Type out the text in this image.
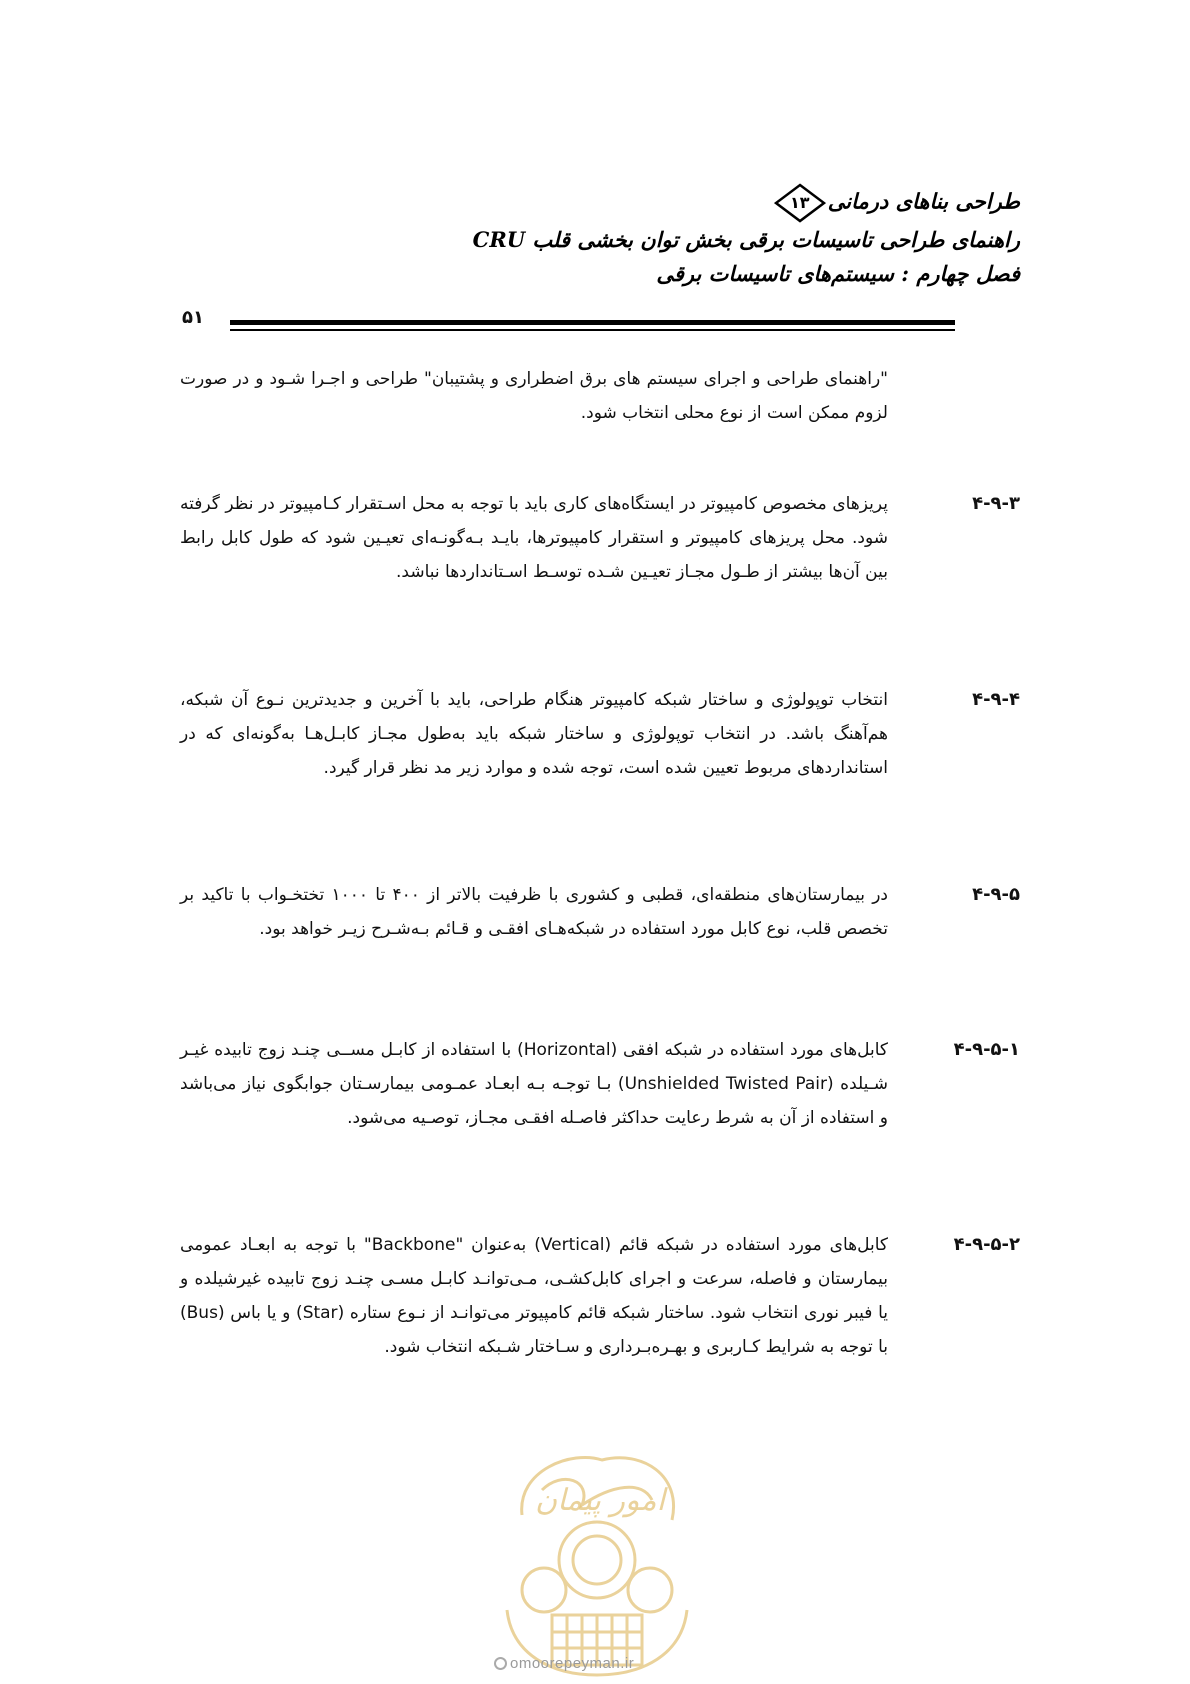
طراحی بناهای درمانی
۱۳
راهنمای طراحی تاسیسات برقی بخش توان بخشی قلب CRU
فصل چهارم : سیستم‌های تاسیسات برقی
۵۱
"راهنمای طراحی و اجرای سیستم های برق اضطراری و پشتیبان" طراحی و اجـرا شـود و در صورت لزوم ممکن است از نوع محلی انتخاب شود.
۴-۹-۳
پریزهای مخصوص کامپیوتر در ایستگاه‌های کاری باید با توجه به محل اسـتقرار کـامپیوتر در نظر گرفته شود. محل پریزهای کامپیوتر و استقرار کامپیوترها، بایـد بـه‌گونـه‌ای تعیـین شود که طول کابل رابط بین آن‌ها بیشتر از طـول مجـاز تعیـین شـده توسـط اسـتانداردها نباشد.
۴-۹-۴
انتخاب توپولوژی و ساختار شبکه کامپیوتر هنگام طراحی، باید با آخرین و جدیدترین نـوع آن شبکه، هم‌آهنگ باشد. در انتخاب توپولوژی و ساختار شبکه باید به‌طول مجـاز کابـل‌هـا به‌گونه‌ای که در استانداردهای مربوط تعیین شده است، توجه شده و موارد زیر مد نظر قرار گیرد.
۴-۹-۵
در بیمارستان‌های منطقه‌ای، قطبی و کشوری با ظرفیت بالاتر از ۴۰۰ تا ۱۰۰۰ تختخـواب با تاکید بر تخصص قلب، نوع کابل مورد استفاده در شبکه‌هـای افقـی و قـائم بـه‌شـرح زیـر خواهد بود.
۴-۹-۵-۱
کابل‌های مورد استفاده در شبکه افقی (Horizontal) با استفاده از کابـل مســی چنـد زوج تابیده غیـر شـیلده (Unshielded Twisted Pair) بـا توجـه بـه ابعـاد عمـومی بیمارسـتان جوابگوی نیاز می‌باشد و استفاده از آن به شرط رعایت حداکثر فاصـله افقـی مجـاز، توصـیه می‌شود.
۴-۹-۵-۲
کابل‌های مورد استفاده در شبکه قائم (Vertical) به‌عنوان "Backbone" با توجه به ابعـاد عمومی بیمارستان و فاصله، سرعت و اجرای کابل‌کشـی، مـی‌توانـد کابـل مسـی چنـد زوج تابیده غیرشیلده و یا فیبر نوری انتخاب شود. ساختار شبکه قائم کامپیوتر می‌توانـد از نـوع ستاره (Star) و یا باس (Bus) با توجه به شرایط کـاربری و بهـره‌بـرداری و سـاختار شـبکه انتخاب شود.
امور پیمان
omoorepeyman.ir
